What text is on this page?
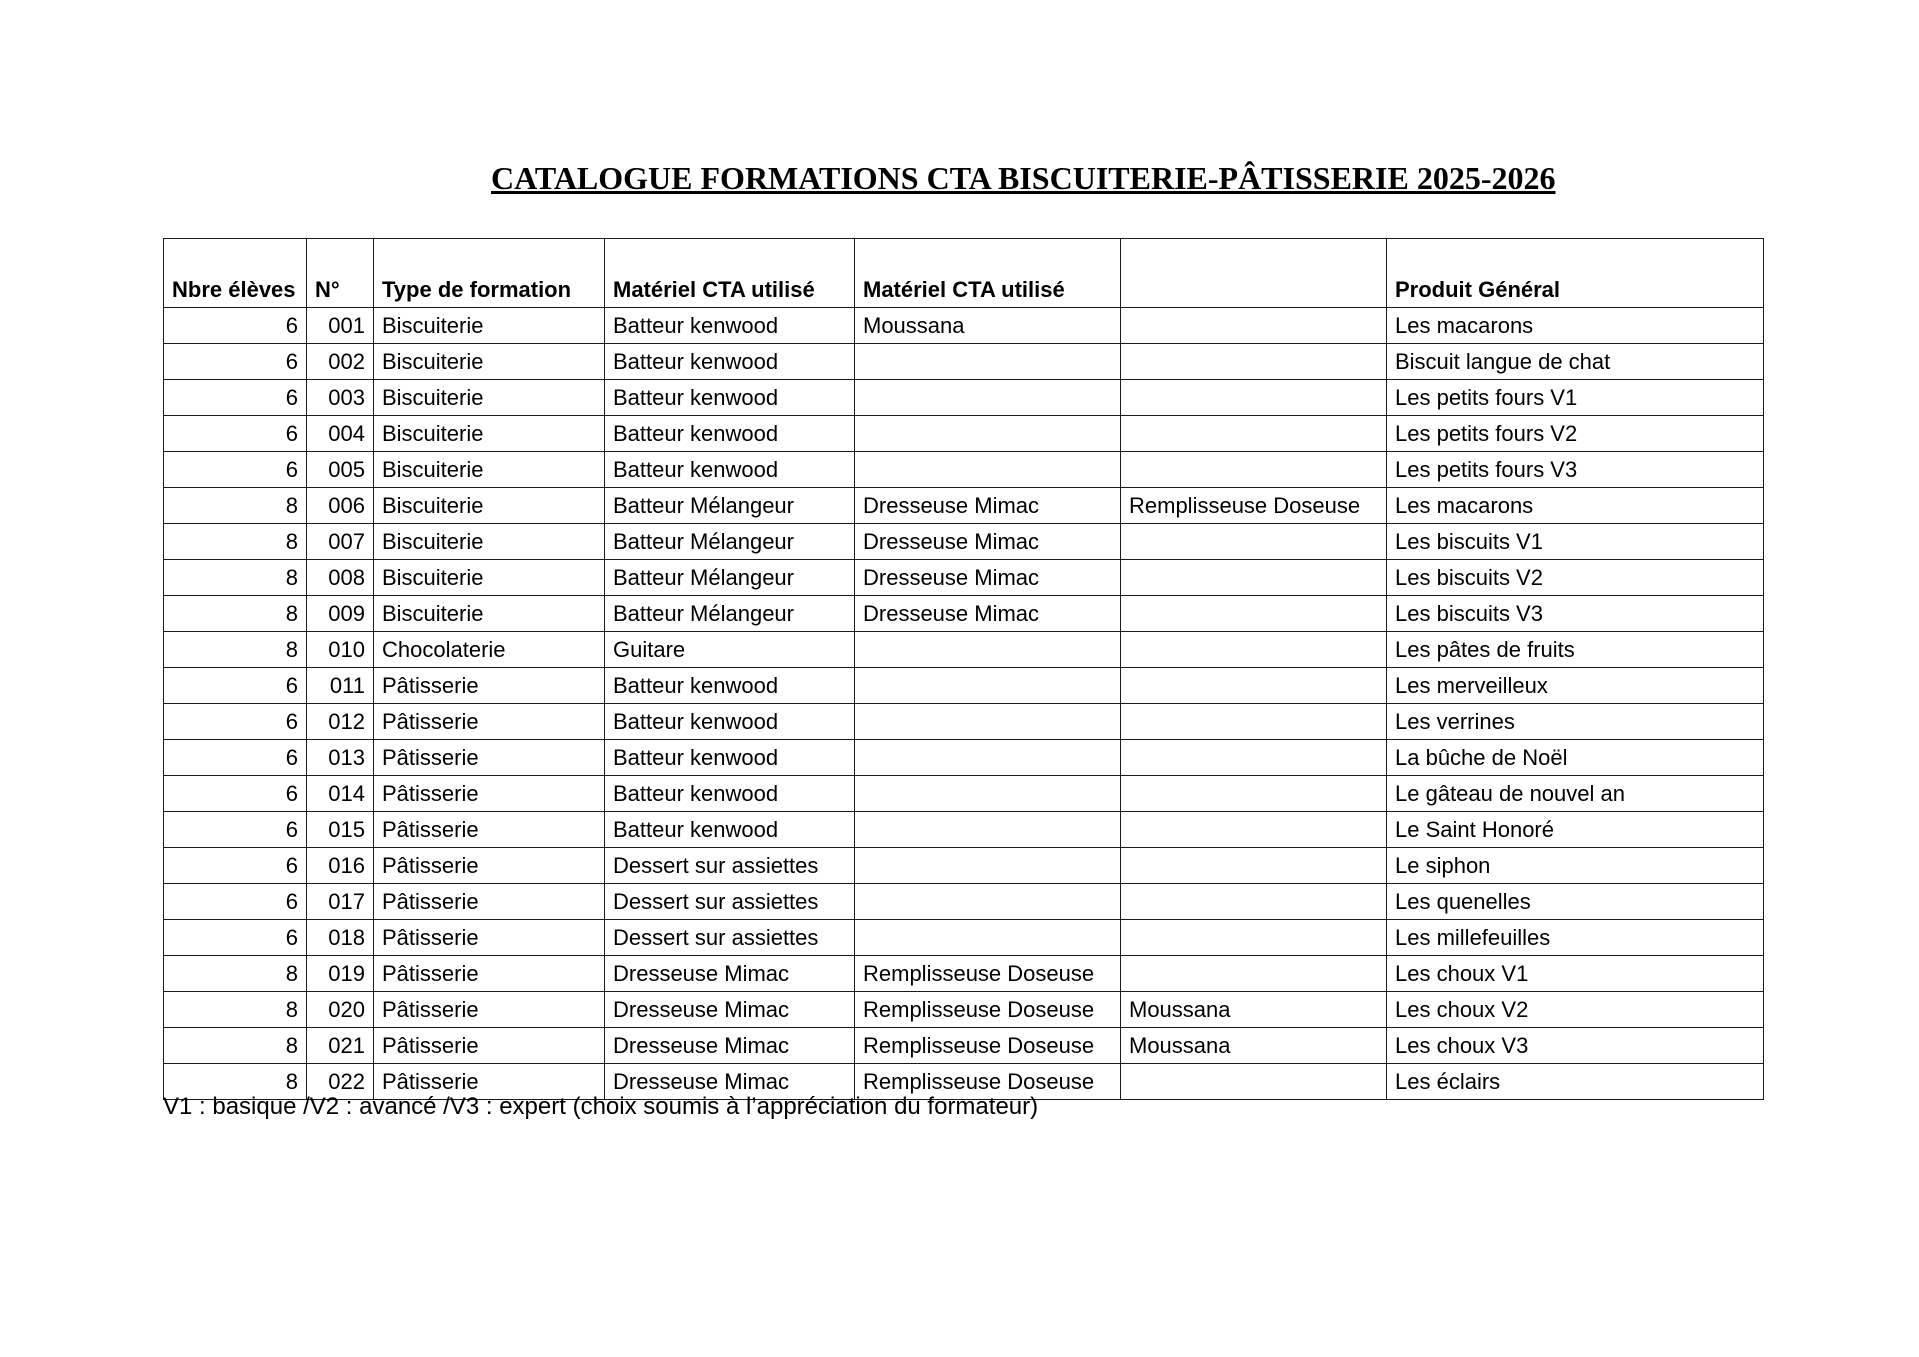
CATALOGUE FORMATIONS CTA BISCUITERIE-PÂTISSERIE 2025-2026
Nbre élèves	N°	Type de formation	Matériel CTA utilisé	Matériel CTA utilisé		Produit Général
6	001	Biscuiterie	Batteur kenwood	Moussana		Les macarons
6	002	Biscuiterie	Batteur kenwood			Biscuit langue de chat
6	003	Biscuiterie	Batteur kenwood			Les petits fours V1
6	004	Biscuiterie	Batteur kenwood			Les petits fours V2
6	005	Biscuiterie	Batteur kenwood			Les petits fours V3
8	006	Biscuiterie	Batteur Mélangeur	Dresseuse Mimac	Remplisseuse Doseuse	Les macarons
8	007	Biscuiterie	Batteur Mélangeur	Dresseuse Mimac		Les biscuits V1
8	008	Biscuiterie	Batteur Mélangeur	Dresseuse Mimac		Les biscuits V2
8	009	Biscuiterie	Batteur Mélangeur	Dresseuse Mimac		Les biscuits V3
8	010	Chocolaterie	Guitare			Les pâtes de fruits
6	011	Pâtisserie	Batteur kenwood			Les merveilleux
6	012	Pâtisserie	Batteur kenwood			Les verrines
6	013	Pâtisserie	Batteur kenwood			La bûche de Noël
6	014	Pâtisserie	Batteur kenwood			Le gâteau de nouvel an
6	015	Pâtisserie	Batteur kenwood			Le Saint Honoré
6	016	Pâtisserie	Dessert sur assiettes			Le siphon
6	017	Pâtisserie	Dessert sur assiettes			Les quenelles
6	018	Pâtisserie	Dessert sur assiettes			Les millefeuilles
8	019	Pâtisserie	Dresseuse Mimac	Remplisseuse Doseuse		Les choux V1
8	020	Pâtisserie	Dresseuse Mimac	Remplisseuse Doseuse	Moussana	Les choux V2
8	021	Pâtisserie	Dresseuse Mimac	Remplisseuse Doseuse	Moussana	Les choux V3
8	022	Pâtisserie	Dresseuse Mimac	Remplisseuse Doseuse		Les éclairs

V1 : basique /V2 : avancé /V3 : expert (choix soumis à l’appréciation du formateur)
